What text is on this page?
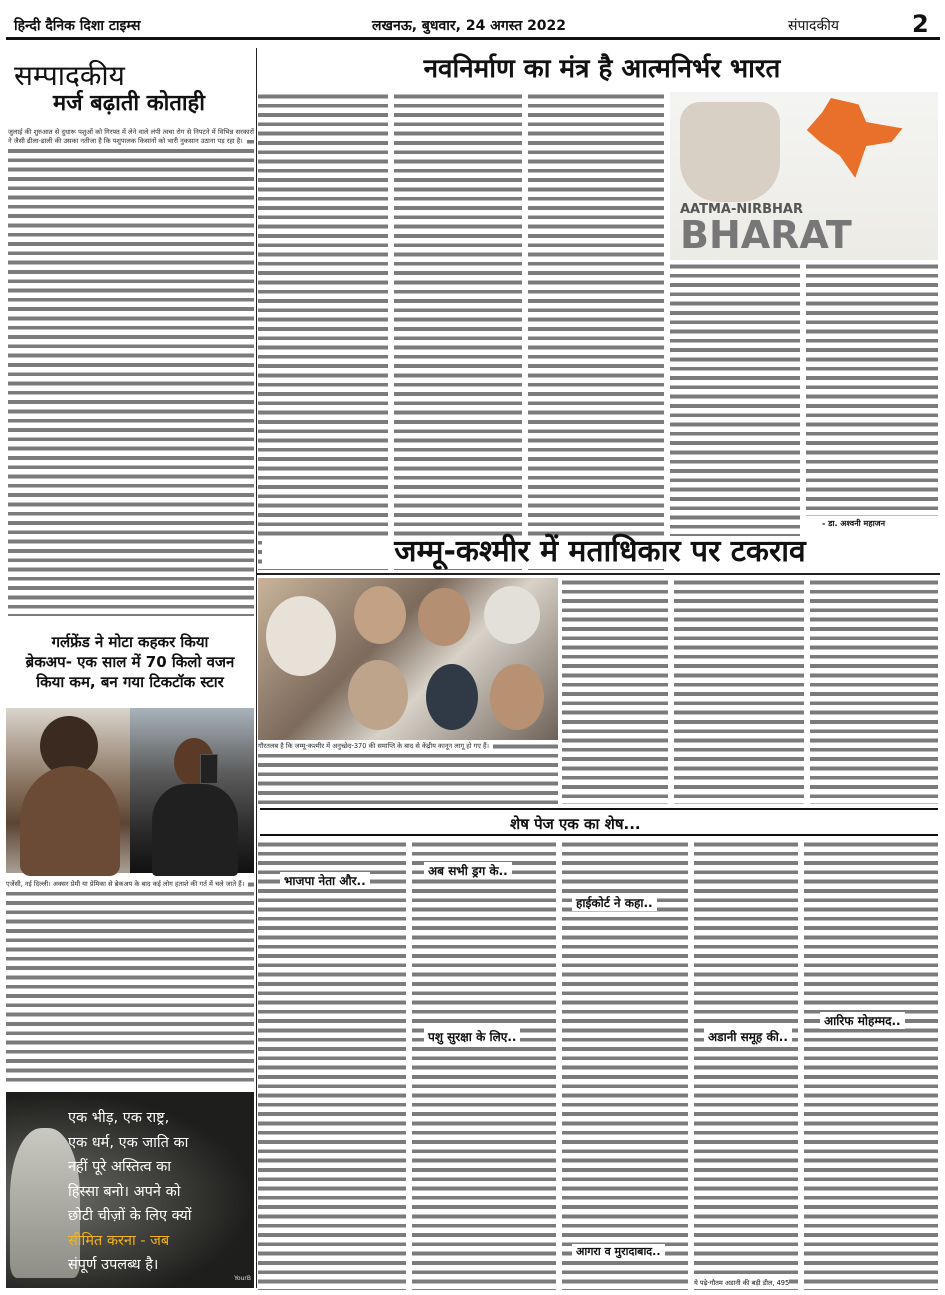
हिन्दी दैनिक दिशा टाइम्स	लखनऊ, बुधवार, 24 अगस्त 2022	संपादकीय	2
सम्पादकीय
मर्ज बढ़ाती कोताही
जुलाई की शुरुआत से दुधारू पशुओं को गिरफ्त में लेने वाले लंपी त्वचा रोग से निपटने में विभिन्न सरकारों ने जैसी ढीला-ढाली की उसका नतीजा है कि पशुपालक किसानों को भारी नुकसान उठाना पड़ रहा है।
गर्लफ्रेंड ने मोटा कहकर किया
ब्रेकअप- एक साल में 70 किलो वजन
किया कम, बन गया टिकटॉक स्टार
एजेंसी, नई दिल्ली। अक्सर प्रेमी या प्रेमिका से ब्रेकअप के बाद कई लोग हताशे की गर्त में चले जाते हैं।
एक भीड़, एक राष्ट्र,
एक धर्म, एक जाति का
नहीं पूरे अस्तित्व का
हिस्सा बनो। अपने को
छोटी चीज़ों के लिए क्यों
सीमित करना - जब
संपूर्ण उपलब्ध है।
YourB
नवनिर्माण का मंत्र है आत्मनिर्भर भारत
AATMA-NIRBHAR
BHARAT
- डा. अश्वनी महाजन
जम्मू-कश्मीर में मताधिकार पर टकराव
गौरतलब है कि जम्मू-कश्मीर में अनुच्छेद-370 की समाप्ति के बाद से केंद्रीय कानून लागू हो गए हैं।
शेष पेज एक का शेष...
भाजपा नेता और..
अब सभी ड्रग के..
पशु सुरक्षा के लिए..
हाईकोर्ट ने कहा..
आगरा व मुरादाबाद..
अडानी समूह की..
ये पढ़े-गौतम अडानी की बड़ी डील, 495
आरिफ मोहम्मद..
